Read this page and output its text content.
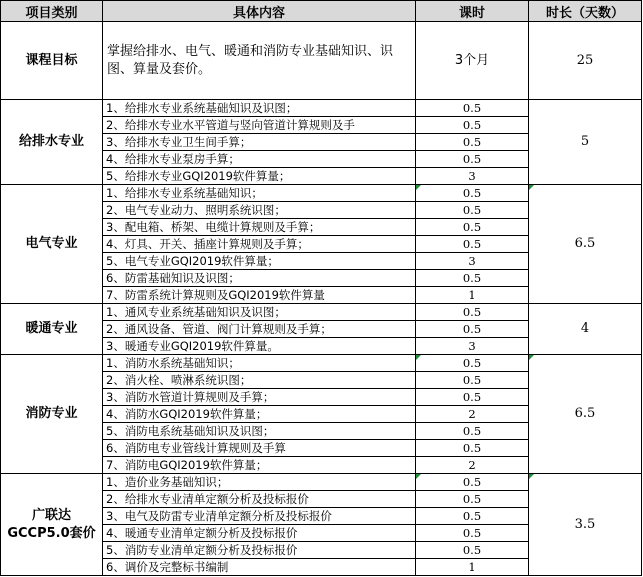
项目类别	具体内容	课时	时长（天数）
课程目标	掌握给排水、电气、暖通和消防专业基础知识、识图、算量及套价。	3个月	25
给排水专业	1、给排水专业系统基础知识及识图；	0.5	5
	2、给排水专业水平管道与竖向管道计算规则及手	0.5	
	3、给排水专业卫生间手算；	0.5	
	4、给排水专业泵房手算；	0.5	
	5、给排水专业GQI2019软件算量；	3	
电气专业	1、给排水专业系统基础知识；	0.5	6.5
	2、电气专业动力、照明系统识图；	0.5	
	3、配电箱、桥架、电缆计算规则及手算；	0.5	
	4、灯具、开关、插座计算规则及手算；	0.5	
	5、电气专业GQI2019软件算量；	3	
	6、防雷基础知识及识图；	0.5	
	7、防雷系统计算规则及GQI2019软件算量	1	
暖通专业	1、通风专业系统基础知识及识图；	0.5	4
	2、通风设备、管道、阀门计算规则及手算；	0.5	
	3、暖通专业GQI2019软件算量。	3	
消防专业	1、消防水系统基础知识；	0.5	6.5
	2、消火栓、喷淋系统识图；	0.5	
	3、消防水管道计算规则及手算；	0.5	
	4、消防水GQI2019软件算量；	2	
	5、消防电系统基础知识及识图；	0.5	
	6、消防电专业管线计算规则及手算	0.5	
	7、消防电GQI2019软件算量；	2	
广联达GCCP5.0套价	1、造价业务基础知识；	0.5	3.5
	2、给排水专业清单定额分析及投标报价	0.5	
	3、电气及防雷专业清单定额分析及投标报价	0.5	
	4、暖通专业清单定额分析及投标报价	0.5	
	5、消防专业清单定额分析及投标报价	0.5	
	6、调价及完整标书编制	1	
